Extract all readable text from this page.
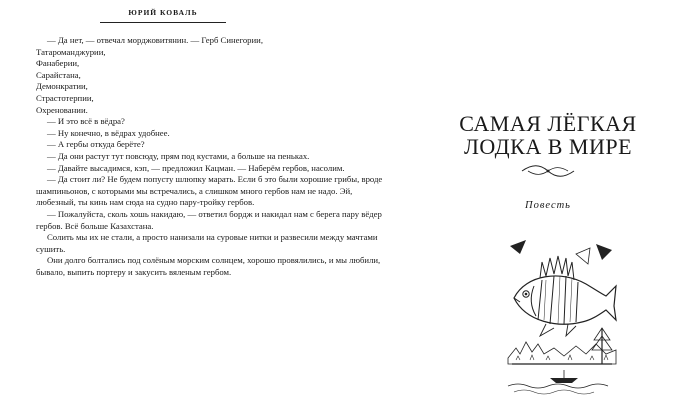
ЮРИЙ КОВАЛЬ

— Да нет, — отвечал морджовитянин. — Герб Синегории,

Татароманджурии,

Фанаберии,

Сарайстана,

Демонкратии,

Страстотерпии,

Охреновании.

— И это всё в вёдра?

— Ну конечно, в вёдрах удобнее.

— А гербы откуда берёте?

— Да они растут тут повсюду, прям под кустами, а больше на пеньках.

— Давайте высадимся, кэп, — предложил Кацман. — Наберём гербов, насолим.

— Да стоит ли? Не будем попусту шлюпку марать. Если б это были хорошие грибы, вроде шампиньонов, с которыми мы встречались, а слишком много гербов нам не надо. Эй, любезный, ты кинь нам сюда на судно пару-тройку гербов.

— Пожалуйста, сколь хошь накидаю, — ответил бордж и накидал нам с берега пару вёдер гербов. Всё больше Казахстана.

Солить мы их не стали, а просто нанизали на суровые нитки и развесили между мачтами сушить.

Они долго болтались под солёным морским солнцем, хорошо провялились, и мы любили, бывало, выпить портеру и закусить вяленым гербом.

САМАЯ ЛЁГКАЯ
ЛОДКА В МИРЕ
Повесть
